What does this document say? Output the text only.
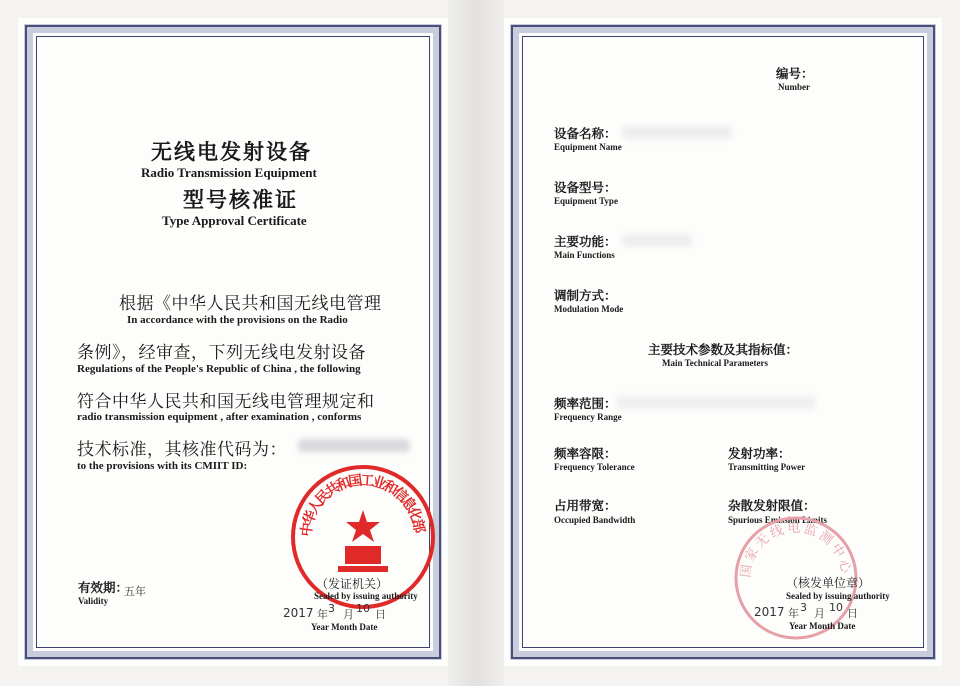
无线电发射设备
Radio Transmission Equipment
型号核准证
Type Approval Certificate
根据《中华人民共和国无线电管理
In accordance with the provisions on the Radio
条例》，经审查，下列无线电发射设备
Regulations of the People's Republic of China , the following
符合中华人民共和国无线电管理规定和
radio transmission equipment , after examination , conforms
技术标准，其核准代码为：
to the provisions with its CMIIT ID:
中华人民共和国工业和信息化部
（发证机关）
Sealed by issuing authority
有效期：
五年
Validity
2017 年 3 月 10 日
Year Month Date
编号：
Number
设备名称：
Equipment Name
设备型号：
Equipment Type
主要功能：
Main Functions
调制方式：
Modulation Mode
主要技术参数及其指标值：
Main Technical Parameters
频率范围：
Frequency Range
频率容限：
Frequency Tolerance
发射功率：
Transmitting Power
占用带宽：
Occupied Bandwidth
杂散发射限值：
Spurious Emission Limits
国家无线电监测中心
（核发单位章）
Sealed by issuing authority
2017 年 3 月 10 日
Year Month Date
